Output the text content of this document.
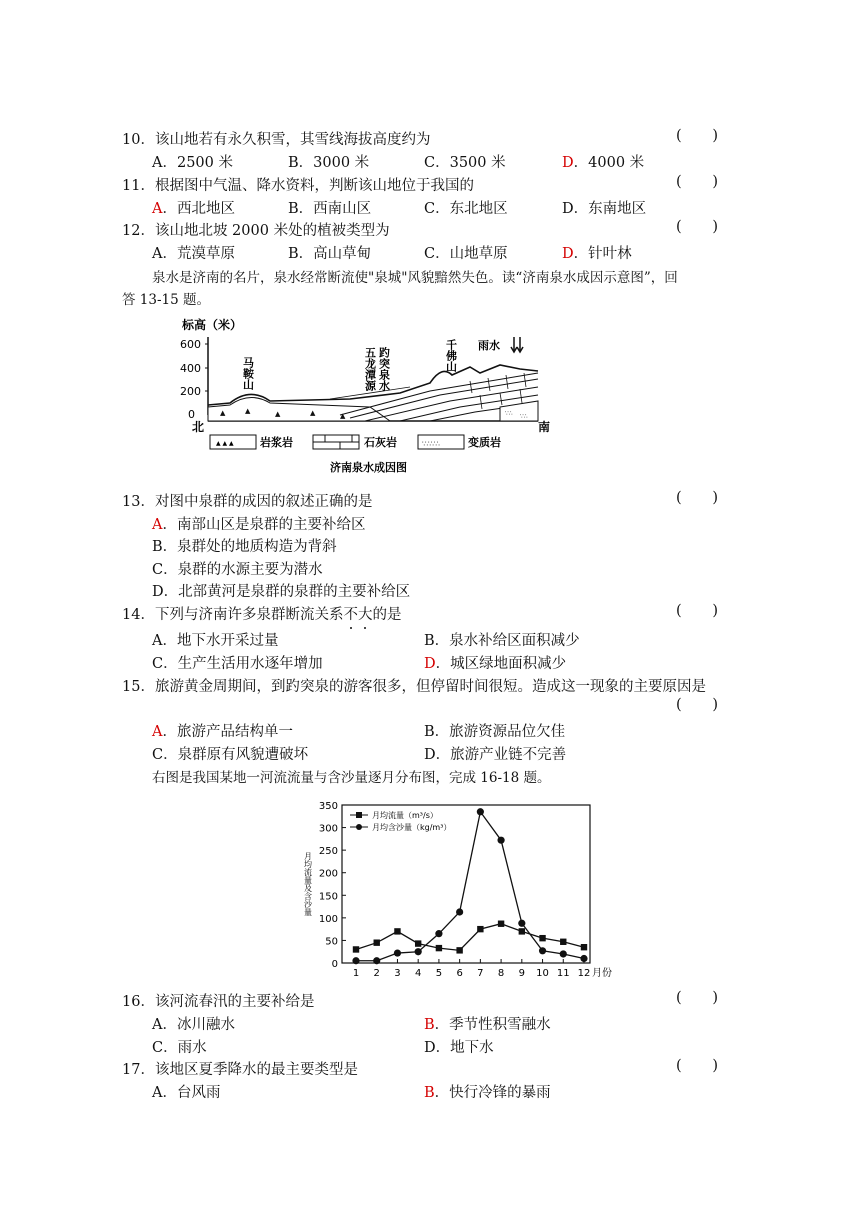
10．该山地若有永久积雪，其雪线海拔高度约为
( )
A．2500 米	B．3000 米	C．3500 米	D．4000 米
11．根据图中气温、降水资料，判断该山地位于我国的
( )
A．西北地区	B．西南山区	C．东北地区	D．东南地区
12．该山地北坡 2000 米处的植被类型为
( )
A．荒漠草原	B．高山草甸	C．山地草原	D．针叶林
泉水是济南的名片，泉水经常断流使"泉城"风貌黯然失色。读“济南泉水成因示意图”，回
答 13-15 题。
标高（米）
600
400
200
0
北	南
▲	▲	▲	▲	▲	∵∴ ∵∴
马鞍山	五龙潭源 趵突泉水	千佛山 雨水
▲ ▲ ▲ 岩浆岩	石灰岩	∵∴∵∴	变质岩
济南泉水成因图
13．对图中泉群的成因的叙述正确的是
( )
A．南部山区是泉群的主要补给区
B．泉群处的地质构造为背斜
C．泉群的水源主要为潜水
D．北部黄河是泉群的泉群的主要补给区
14．下列与济南许多泉群断流关系不
大
的是
( )
A．地下水开采过量	B．泉水补给区面积减少
C．生产生活用水逐年增加	D．城区绿地面积减少
15．旅游黄金周期间，到趵突泉的游客很多，但停留时间很短。造成这一现象的主要原因是
( )
A．旅游产品结构单一	B．旅游资源品位欠佳
C．泉群原有风貌遭破坏	D．旅游产业链不完善
右图是我国某地一河流流量与含沙量逐月分布图，完成 16-18 题。
0
50
100
150
200
250
300
350
1 2 3 4 5 6 7 8 9 10 11 12 月份
月均流量及含沙量
月均流量（m³/s）
月均含沙量（kg/m³）
16．该河流春汛的主要补给是
( )
A．冰川融水	B．季节性积雪融水
C．雨水	D．地下水
17．该地区夏季降水的最主要类型是
( )
A．台风雨	B．快行冷锋的暴雨
